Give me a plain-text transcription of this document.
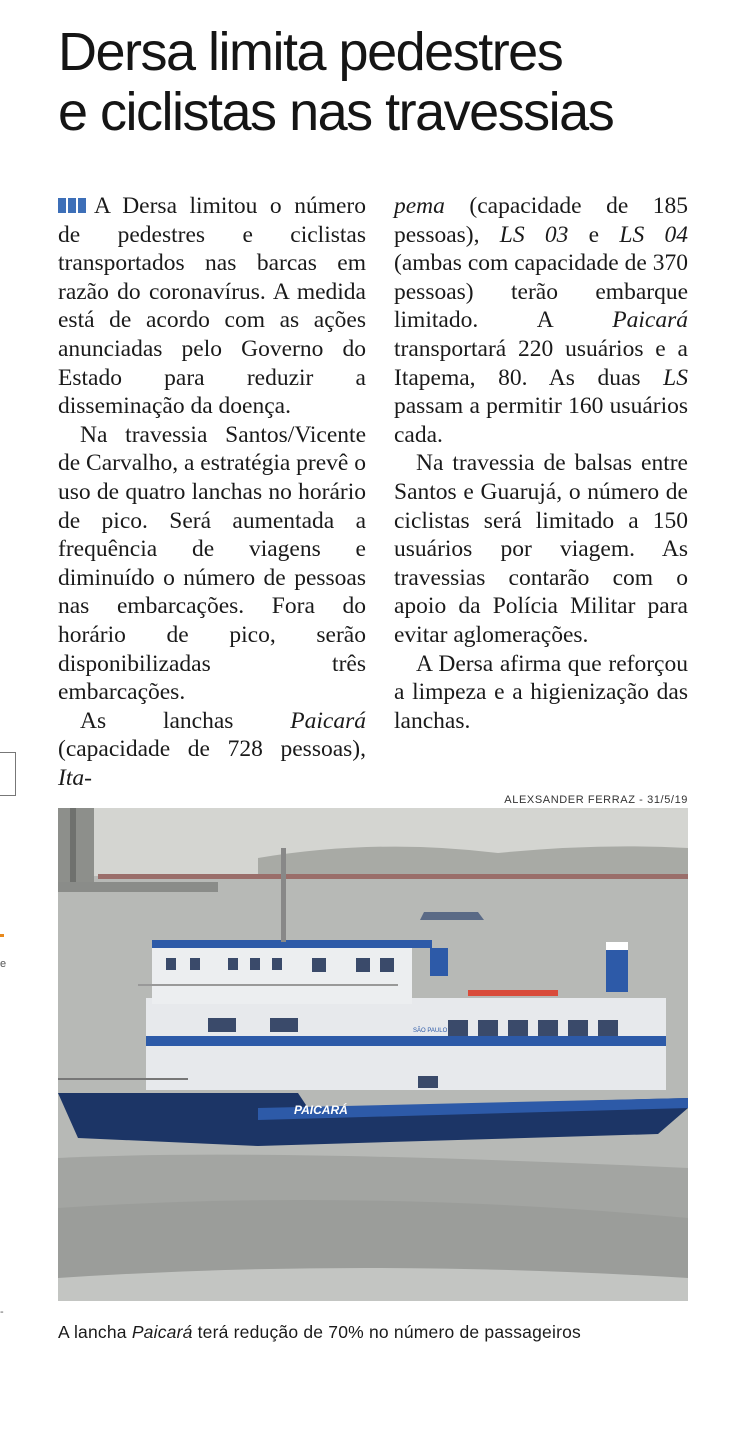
Dersa limita pedestres
e ciclistas nas travessias

A Dersa limitou o número de pedestres e ciclistas transportados nas barcas em razão do coronavírus. A medida está de acordo com as ações anunciadas pelo Governo do Estado para reduzir a disseminação da doença.

Na travessia Santos/Vicente de Carvalho, a estratégia prevê o uso de quatro lanchas no horário de pico. Será aumentada a frequência de viagens e diminuído o número de pessoas nas embarcações. Fora do horário de pico, serão disponibilizadas três embarcações.

As lanchas Paicará (capacidade de 728 pessoas), Ita-

pema (capacidade de 185 pessoas), LS 03 e LS 04 (ambas com capacidade de 370 pessoas) terão embarque limitado. A Paicará transportará 220 usuários e a Itapema, 80. As duas LS passam a permitir 160 usuários cada.

Na travessia de balsas entre Santos e Guarujá, o número de ciclistas será limitado a 150 usuários por viagem. As travessias contarão com o apoio da Polícia Militar para evitar aglomerações.

A Dersa afirma que reforçou a limpeza e a higienização das lanchas.

ALEXSANDER FERRAZ - 31/5/19
PAICARÁ
SÃO PAULO
A lancha Paicará terá redução de 70% no número de passageiros
e
-
